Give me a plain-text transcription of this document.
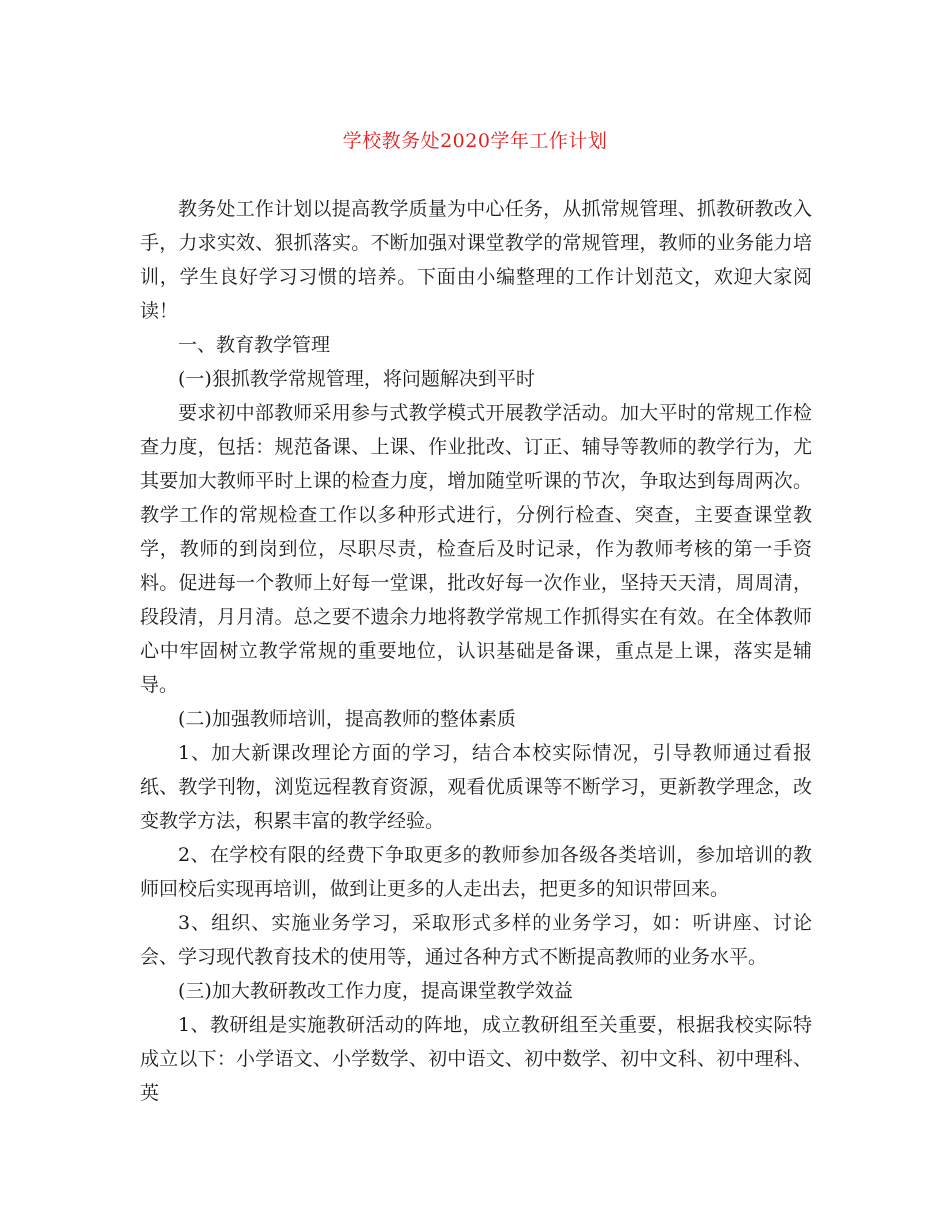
学校教务处2020学年工作计划

教务处工作计划以提高教学质量为中心任务，从抓常规管理、抓教研教改入手，力求实效、狠抓落实。不断加强对课堂教学的常规管理，教师的业务能力培训，学生良好学习习惯的培养。下面由小编整理的工作计划范文，欢迎大家阅读！

一、教育教学管理

(一)狠抓教学常规管理，将问题解决到平时

要求初中部教师采用参与式教学模式开展教学活动。加大平时的常规工作检查力度，包括：规范备课、上课、作业批改、订正、辅导等教师的教学行为，尤其要加大教师平时上课的检查力度，增加随堂听课的节次，争取达到每周两次。教学工作的常规检查工作以多种形式进行，分例行检查、突查，主要查课堂教学，教师的到岗到位，尽职尽责，检查后及时记录，作为教师考核的第一手资料。促进每一个教师上好每一堂课，批改好每一次作业，坚持天天清，周周清，段段清，月月清。总之要不遗余力地将教学常规工作抓得实在有效。在全体教师心中牢固树立教学常规的重要地位，认识基础是备课，重点是上课，落实是辅导。

(二)加强教师培训，提高教师的整体素质

1、加大新课改理论方面的学习，结合本校实际情况，引导教师通过看报纸、教学刊物，浏览远程教育资源，观看优质课等不断学习，更新教学理念，改变教学方法，积累丰富的教学经验。

2、在学校有限的经费下争取更多的教师参加各级各类培训，参加培训的教师回校后实现再培训，做到让更多的人走出去，把更多的知识带回来。

3、组织、实施业务学习，采取形式多样的业务学习，如：听讲座、讨论会、学习现代教育技术的使用等，通过各种方式不断提高教师的业务水平。

(三)加大教研教改工作力度，提高课堂教学效益

1、教研组是实施教研活动的阵地，成立教研组至关重要，根据我校实际特成立以下：小学语文、小学数学、初中语文、初中数学、初中文科、初中理科、英
